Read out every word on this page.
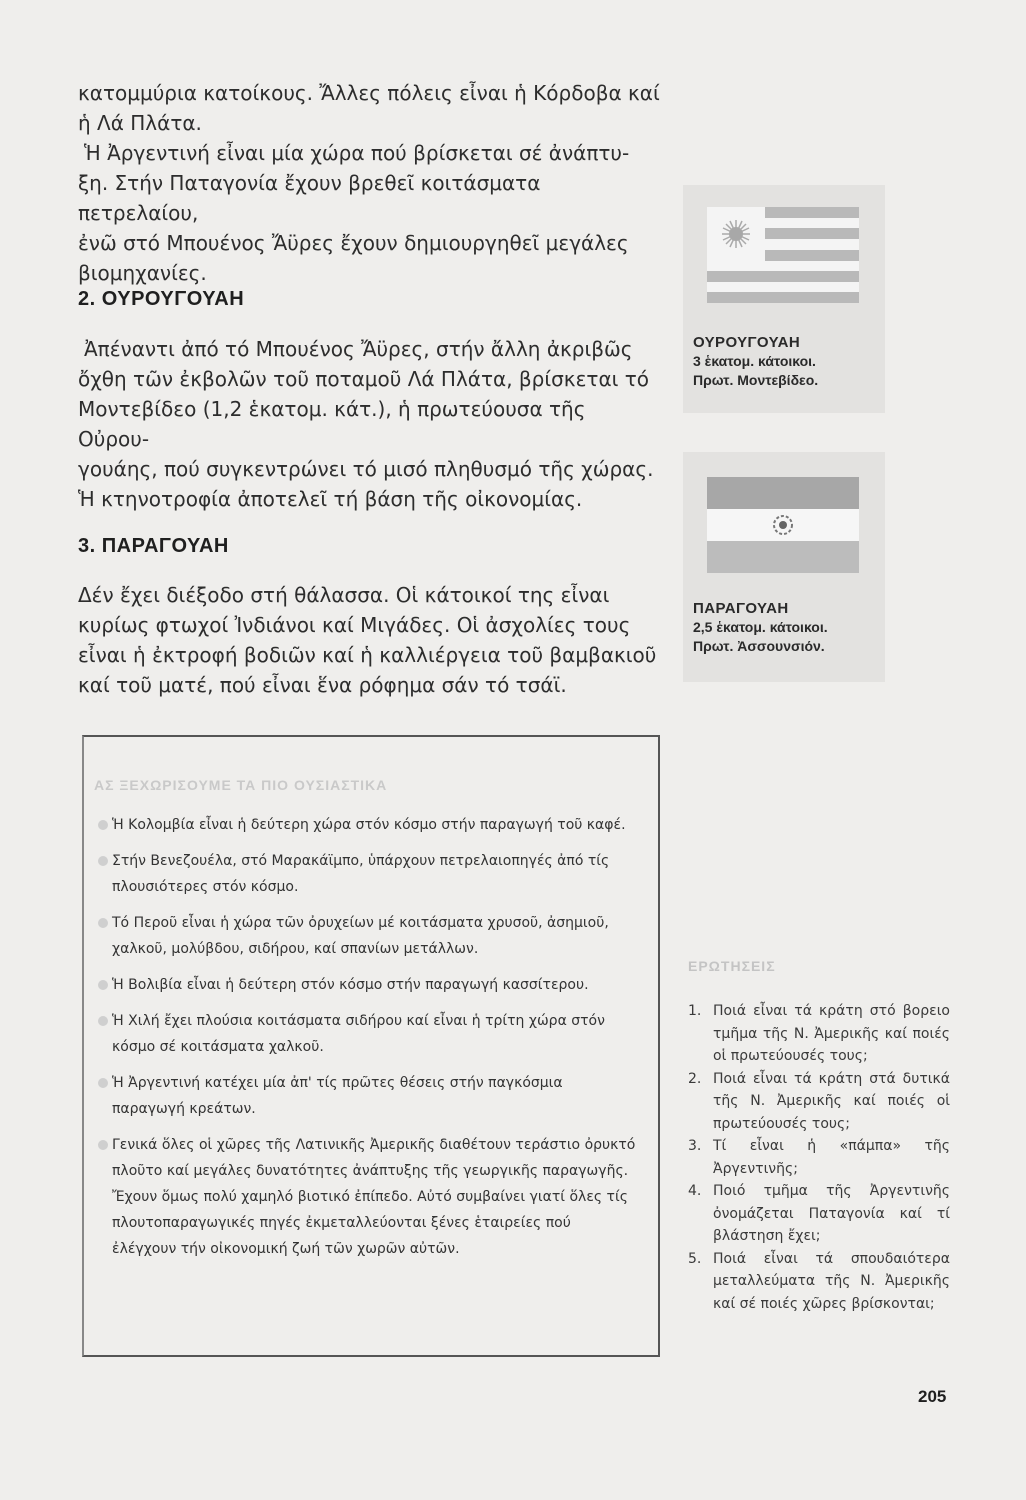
κατομμύρια κατοίκους. Ἄλλες πόλεις εἶναι ἡ Κόρδοβα καί

ἡ Λά Πλάτα.

Ἡ Ἀργεντινή εἶναι μία χώρα πού βρίσκεται σέ ἀνάπτυ-

ξη. Στήν Παταγονία ἔχουν βρεθεῖ κοιτάσματα πετρελαίου,

ἐνῶ στό Μπουένος Ἄϋρες ἔχουν δημιουργηθεῖ μεγάλες

βιομηχανίες.

2. ΟΥΡΟΥΓΟΥΑΗ

Ἀπέναντι ἀπό τό Μπουένος Ἄϋρες, στήν ἄλλη ἀκριβῶς

ὄχθη τῶν ἐκβολῶν τοῦ ποταμοῦ Λά Πλάτα, βρίσκεται τό

Μοντεβίδεο (1,2 ἑκατομ. κάτ.), ἡ πρωτεύουσα τῆς Οὐρου-

γουάης, πού συγκεντρώνει τό μισό πληθυσμό τῆς χώρας.

Ἡ κτηνοτροφία ἀποτελεῖ τή βάση τῆς οἰκονομίας.

3. ΠΑΡΑΓΟΥΑΗ

Δέν ἔχει διέξοδο στή θάλασσα. Οἱ κάτοικοί της εἶναι

κυρίως φτωχοί Ἰνδιάνοι καί Μιγάδες. Οἱ ἀσχολίες τους

εἶναι ἡ ἐκτροφή βοδιῶν καί ἡ καλλιέργεια τοῦ βαμβακιοῦ

καί τοῦ ματέ, πού εἶναι ἕνα ρόφημα σάν τό τσάϊ.

ΟΥΡΟΥΓΟΥΑΗ
3 ἑκατομ. κάτοικοι.
Πρωτ. Μοντεβίδεο.
ΠΑΡΑΓΟΥΑΗ
2,5 ἑκατομ. κάτοικοι.
Πρωτ. Ἀσσουνσιόν.
ΑΣ ΞΕΧΩΡΙΣΟΥΜΕ ΤΑ ΠΙΟ ΟΥΣΙΑΣΤΙΚΑ
Ἡ Κολομβία εἶναι ἡ δεύτερη χώρα στόν κόσμο στήν παραγωγή τοῦ καφέ.
Στήν Βενεζουέλα, στό Μαρακάϊμπο, ὑπάρχουν πετρελαιοπηγές ἀπό τίς πλουσιότερες στόν κόσμο.
Τό Περοῦ εἶναι ἡ χώρα τῶν ὀρυχείων μέ κοιτάσματα χρυσοῦ, ἀσημιοῦ, χαλκοῦ, μολύβδου, σιδήρου, καί σπανίων μετάλλων.
Ἡ Βολιβία εἶναι ἡ δεύτερη στόν κόσμο στήν παραγωγή κασσίτερου.
Ἡ Χιλή ἔχει πλούσια κοιτάσματα σιδήρου καί εἶναι ἡ τρίτη χώρα στόν κόσμο σέ κοιτάσματα χαλκοῦ.
Ἡ Ἀργεντινή κατέχει μία ἀπ' τίς πρῶτες θέσεις στήν παγκόσμια παραγωγή κρεάτων.
Γενικά ὅλες οἱ χῶρες τῆς Λατινικῆς Ἀμερικῆς διαθέτουν τεράστιο ὀρυκτό πλοῦτο καί μεγάλες δυνατότητες ἀνάπτυξης τῆς γεωργικῆς παραγωγῆς. Ἔχουν ὅμως πολύ χαμηλό βιοτικό ἐπίπεδο. Αὐτό συμβαίνει γιατί ὅλες τίς πλουτοπαραγωγικές πηγές ἐκμεταλλεύονται ξένες ἑταιρείες πού ἐλέγχουν τήν οἰκονομική ζωή τῶν χωρῶν αὐτῶν.
ΕΡΩΤΗΣΕΙΣ
1. Ποιά εἶναι τά κράτη στό βορειο τμῆμα τῆς Ν. Ἀμερικῆς καί ποιές οἱ πρωτεύουσές τους;
2. Ποιά εἶναι τά κράτη στά δυτικά τῆς Ν. Ἀμερικῆς καί ποιές οἱ πρωτεύουσές τους;
3. Τί εἶναι ἡ «πάμπα» τῆς Ἀργεντινῆς;
4. Ποιό τμῆμα τῆς Ἀργεντινῆς ὀνομάζεται Παταγονία καί τί βλάστηση ἔχει;
5. Ποιά εἶναι τά σπουδαιότερα μεταλλεύματα τῆς Ν. Ἀμερικῆς καί σέ ποιές χῶρες βρίσκονται;
205
